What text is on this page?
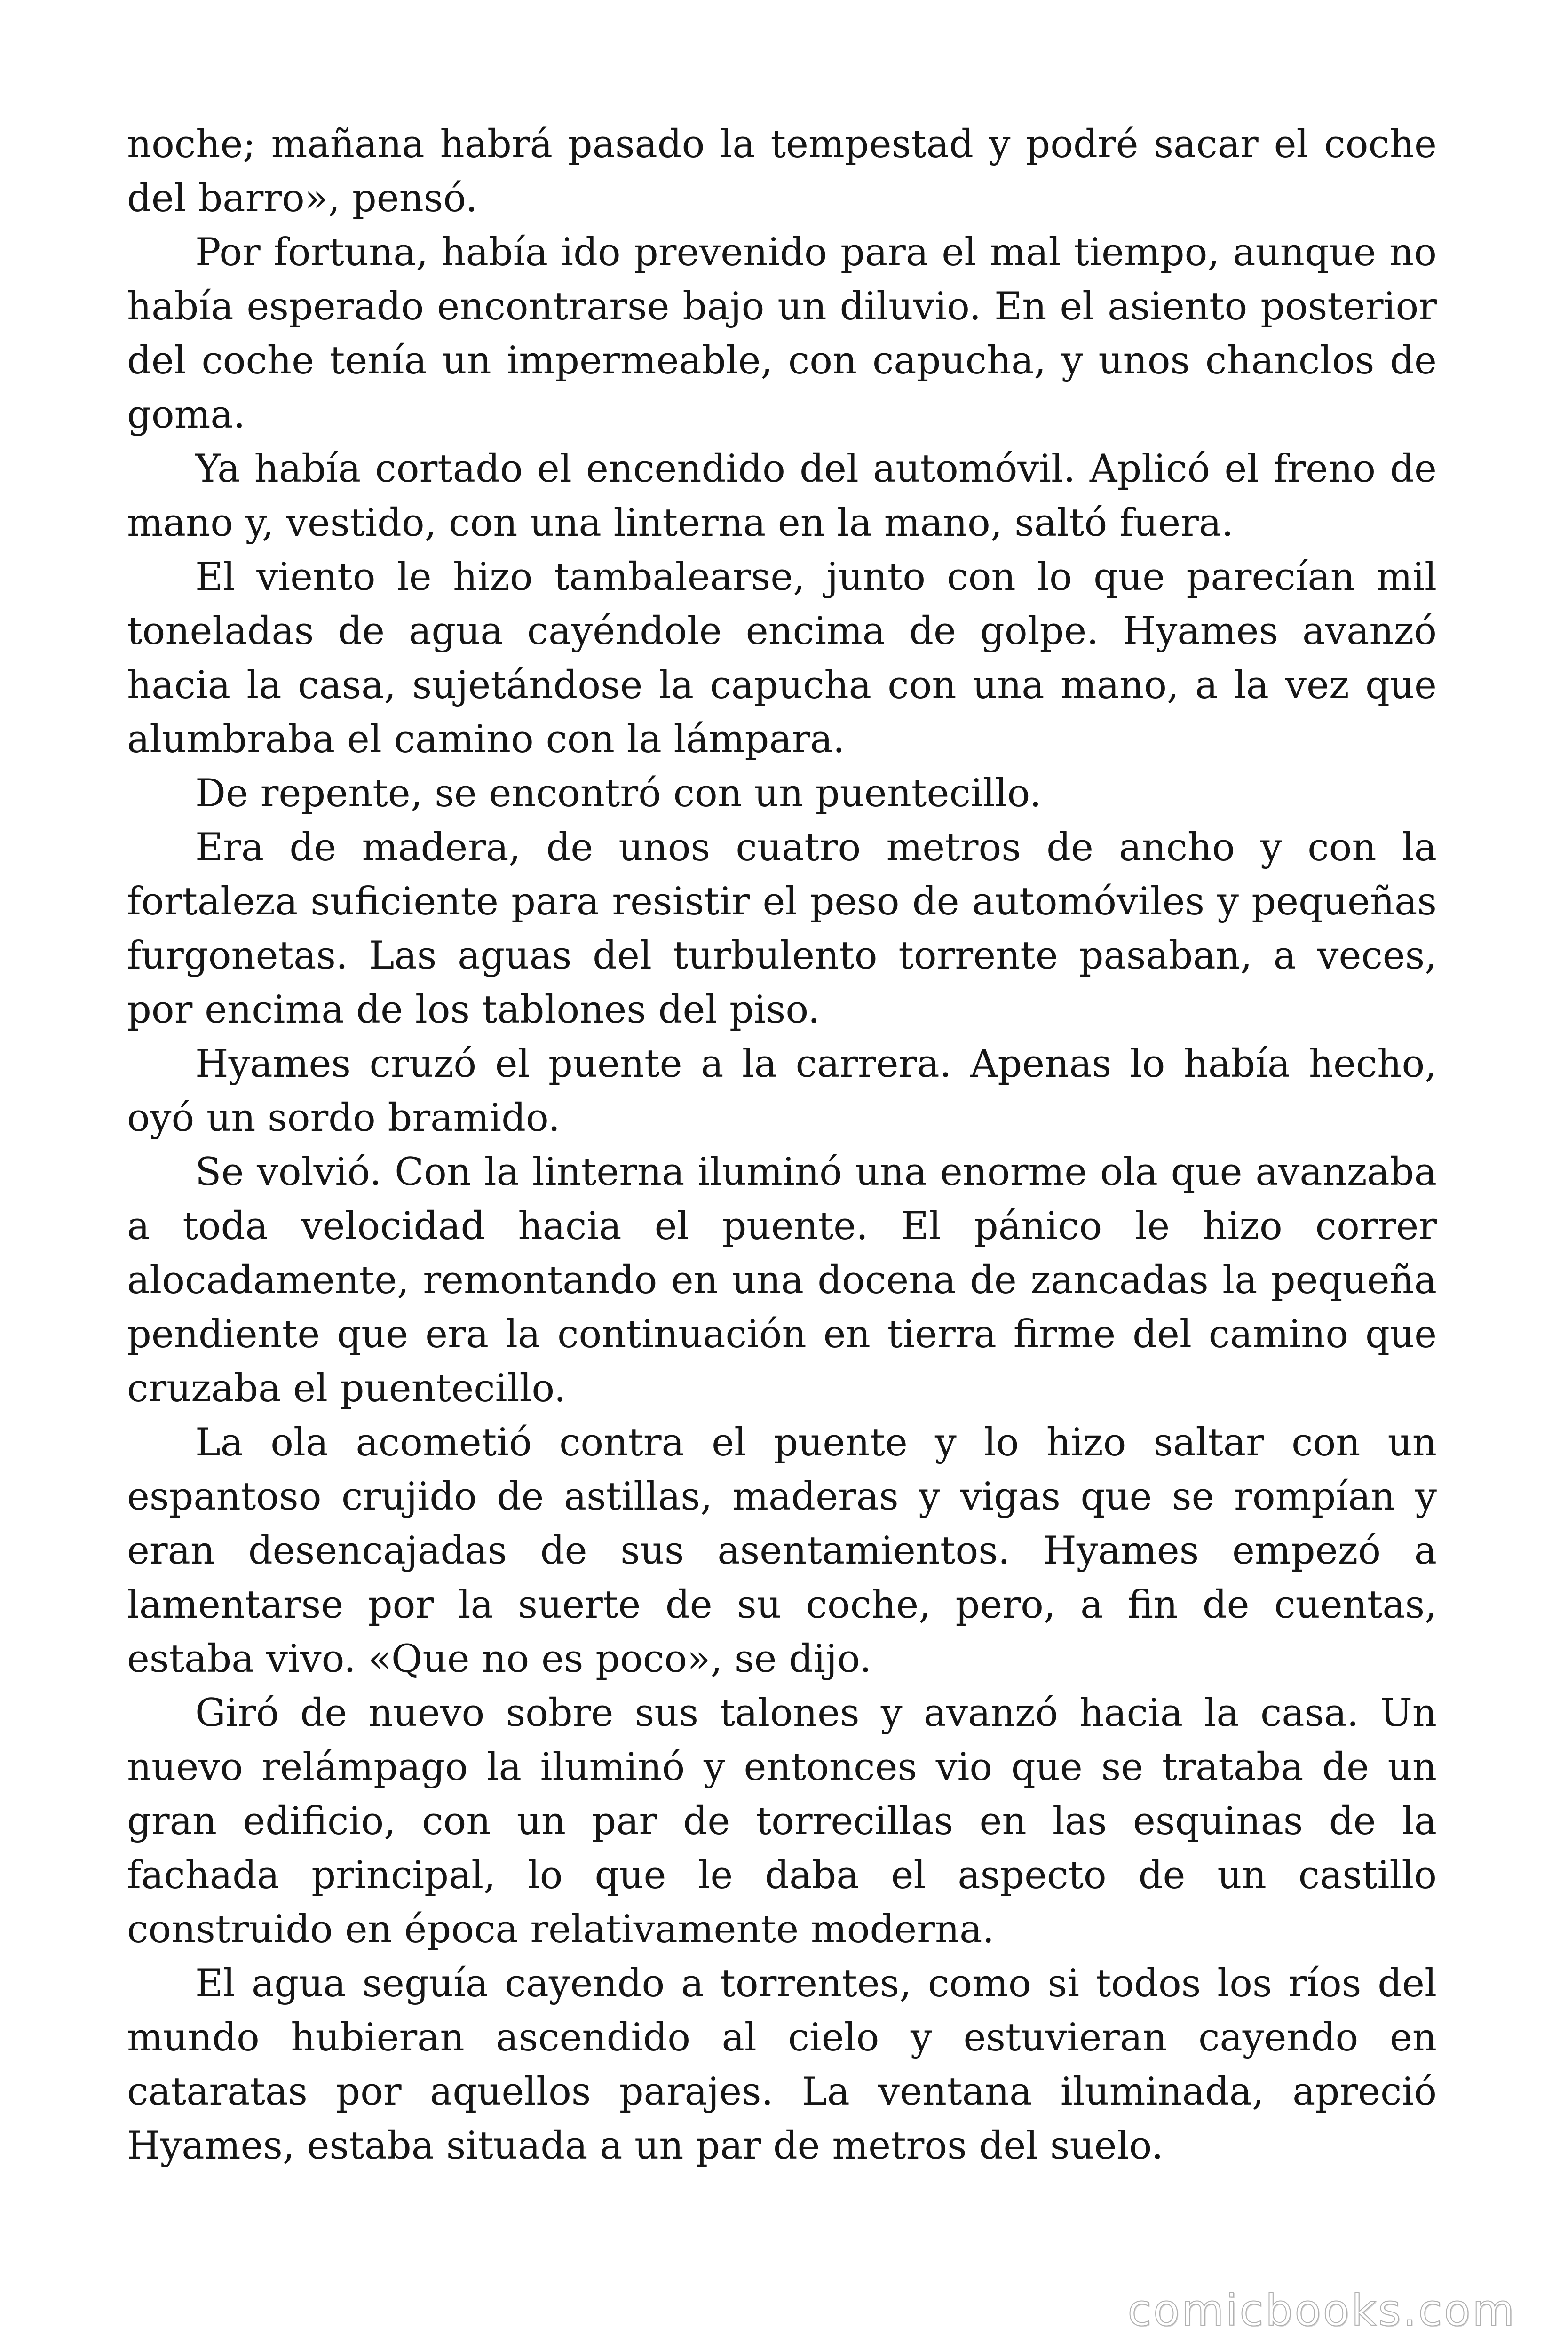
noche; mañana habrá pasado la tempestad y podré sacar el coche del barro», pensó.

Por fortuna, había ido prevenido para el mal tiempo, aunque no había esperado encontrarse bajo un diluvio. En el asiento posterior del coche tenía un impermeable, con capucha, y unos chanclos de goma.

Ya había cortado el encendido del automóvil. Aplicó el freno de mano y, vestido, con una linterna en la mano, saltó fuera.

El viento le hizo tambalearse, junto con lo que parecían mil toneladas de agua cayéndole encima de golpe. Hyames avanzó hacia la casa, sujetándose la capucha con una mano, a la vez que alumbraba el camino con la lámpara.

De repente, se encontró con un puentecillo.

Era de madera, de unos cuatro metros de ancho y con la fortaleza suficiente para resistir el peso de automóviles y pequeñas furgonetas. Las aguas del turbulento torrente pasaban, a veces, por encima de los tablones del piso.

Hyames cruzó el puente a la carrera. Apenas lo había hecho, oyó un sordo bramido.

Se volvió. Con la linterna iluminó una enorme ola que avanzaba a toda velocidad hacia el puente. El pánico le hizo correr alocadamente, remontando en una docena de zancadas la pequeña pendiente que era la continuación en tierra firme del camino que cruzaba el puentecillo.

La ola acometió contra el puente y lo hizo saltar con un espantoso crujido de astillas, maderas y vigas que se rompían y eran desencajadas de sus asentamientos. Hyames empezó a lamentarse por la suerte de su coche, pero, a fin de cuentas, estaba vivo. «Que no es poco», se dijo.

Giró de nuevo sobre sus talones y avanzó hacia la casa. Un nuevo relámpago la iluminó y entonces vio que se trataba de un gran edificio, con un par de torrecillas en las esquinas de la fachada principal, lo que le daba el aspecto de un castillo construido en época relativamente moderna.

El agua seguía cayendo a torrentes, como si todos los ríos del mundo hubieran ascendido al cielo y estuvieran cayendo en cataratas por aquellos parajes. La ventana iluminada, apreció Hyames, estaba situada a un par de metros del suelo.

comicbooks.com
